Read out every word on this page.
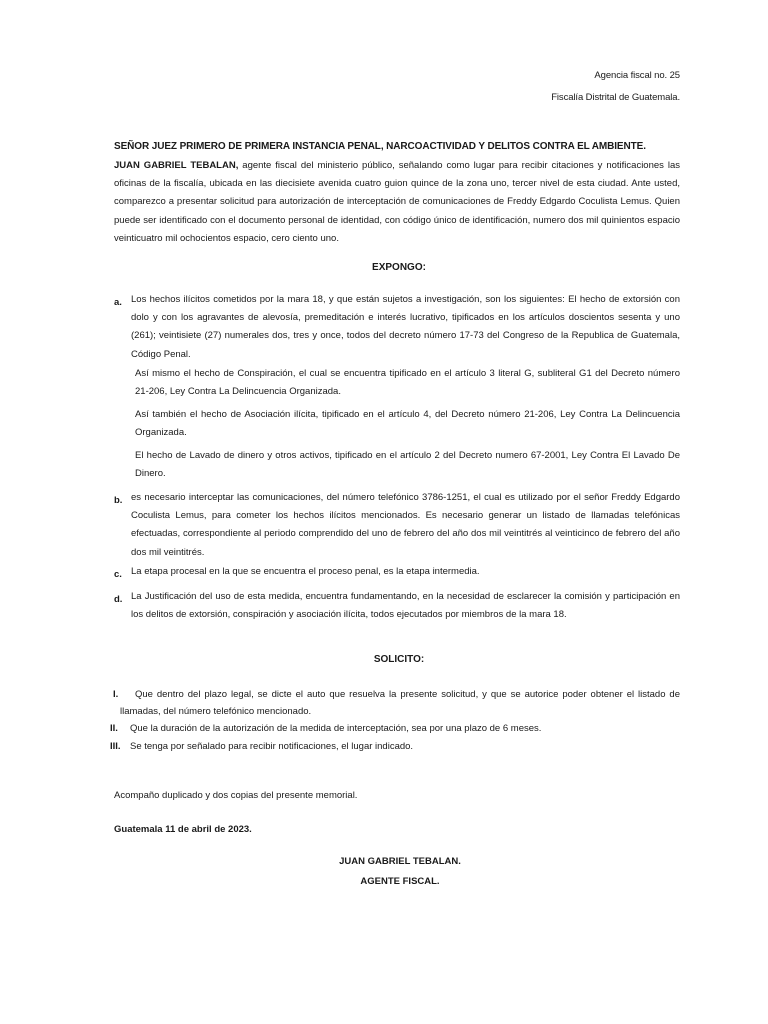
Agencia fiscal no. 25
Fiscalía Distrital de Guatemala.
SEÑOR JUEZ PRIMERO DE PRIMERA INSTANCIA PENAL, NARCOACTIVIDAD Y DELITOS CONTRA EL AMBIENTE.
JUAN GABRIEL TEBALAN, agente fiscal del ministerio público, señalando como lugar para recibir citaciones y notificaciones las oficinas de la fiscalía, ubicada en las diecisiete avenida cuatro guion quince de la zona uno, tercer nivel de esta ciudad. Ante usted, comparezco a presentar solicitud para autorización de interceptación de comunicaciones de Freddy Edgardo Coculista Lemus. Quien puede ser identificado con el documento personal de identidad, con código único de identificación, numero dos mil quinientos espacio veinticuatro mil ochocientos espacio, cero ciento uno.
EXPONGO:
a. Los hechos ilícitos cometidos por la mara 18, y que están sujetos a investigación, son los siguientes: El hecho de extorsión con dolo y con los agravantes de alevosía, premeditación e interés lucrativo, tipificados en los artículos doscientos sesenta y uno (261); veintisiete (27) numerales dos, tres y once, todos del decreto número 17-73 del Congreso de la Republica de Guatemala, Código Penal.
Así mismo el hecho de Conspiración, el cual se encuentra tipificado en el artículo 3 literal G, subliteral G1 del Decreto número 21-206, Ley Contra La Delincuencia Organizada.
Así también el hecho de Asociación ilícita, tipificado en el artículo 4, del Decreto número 21-206, Ley Contra La Delincuencia Organizada.
El hecho de Lavado de dinero y otros activos, tipificado en el artículo 2 del Decreto numero 67-2001, Ley Contra El Lavado De Dinero.
b. es necesario interceptar las comunicaciones, del número telefónico 3786-1251, el cual es utilizado por el señor Freddy Edgardo Coculista Lemus, para cometer los hechos ilícitos mencionados. Es necesario generar un listado de llamadas telefónicas efectuadas, correspondiente al periodo comprendido del uno de febrero del año dos mil veintitrés al veinticinco de febrero del año dos mil veintitrés.
c. La etapa procesal en la que se encuentra el proceso penal, es la etapa intermedia.
d. La Justificación del uso de esta medida, encuentra fundamentando, en la necesidad de esclarecer la comisión y participación en los delitos de extorsión, conspiración y asociación ilícita, todos ejecutados por miembros de la mara 18.
SOLICITO:
I.	Que dentro del plazo legal, se dicte el auto que resuelva la presente solicitud, y que se autorice poder obtener el listado de llamadas, del número telefónico mencionado.
II. Que la duración de la autorización de la medida de interceptación, sea por una plazo de 6 meses.
III. Se tenga por señalado para recibir notificaciones, el lugar indicado.
Acompaño duplicado y dos copias del presente memorial.
Guatemala 11 de abril de 2023.
JUAN GABRIEL TEBALAN.
AGENTE FISCAL.
